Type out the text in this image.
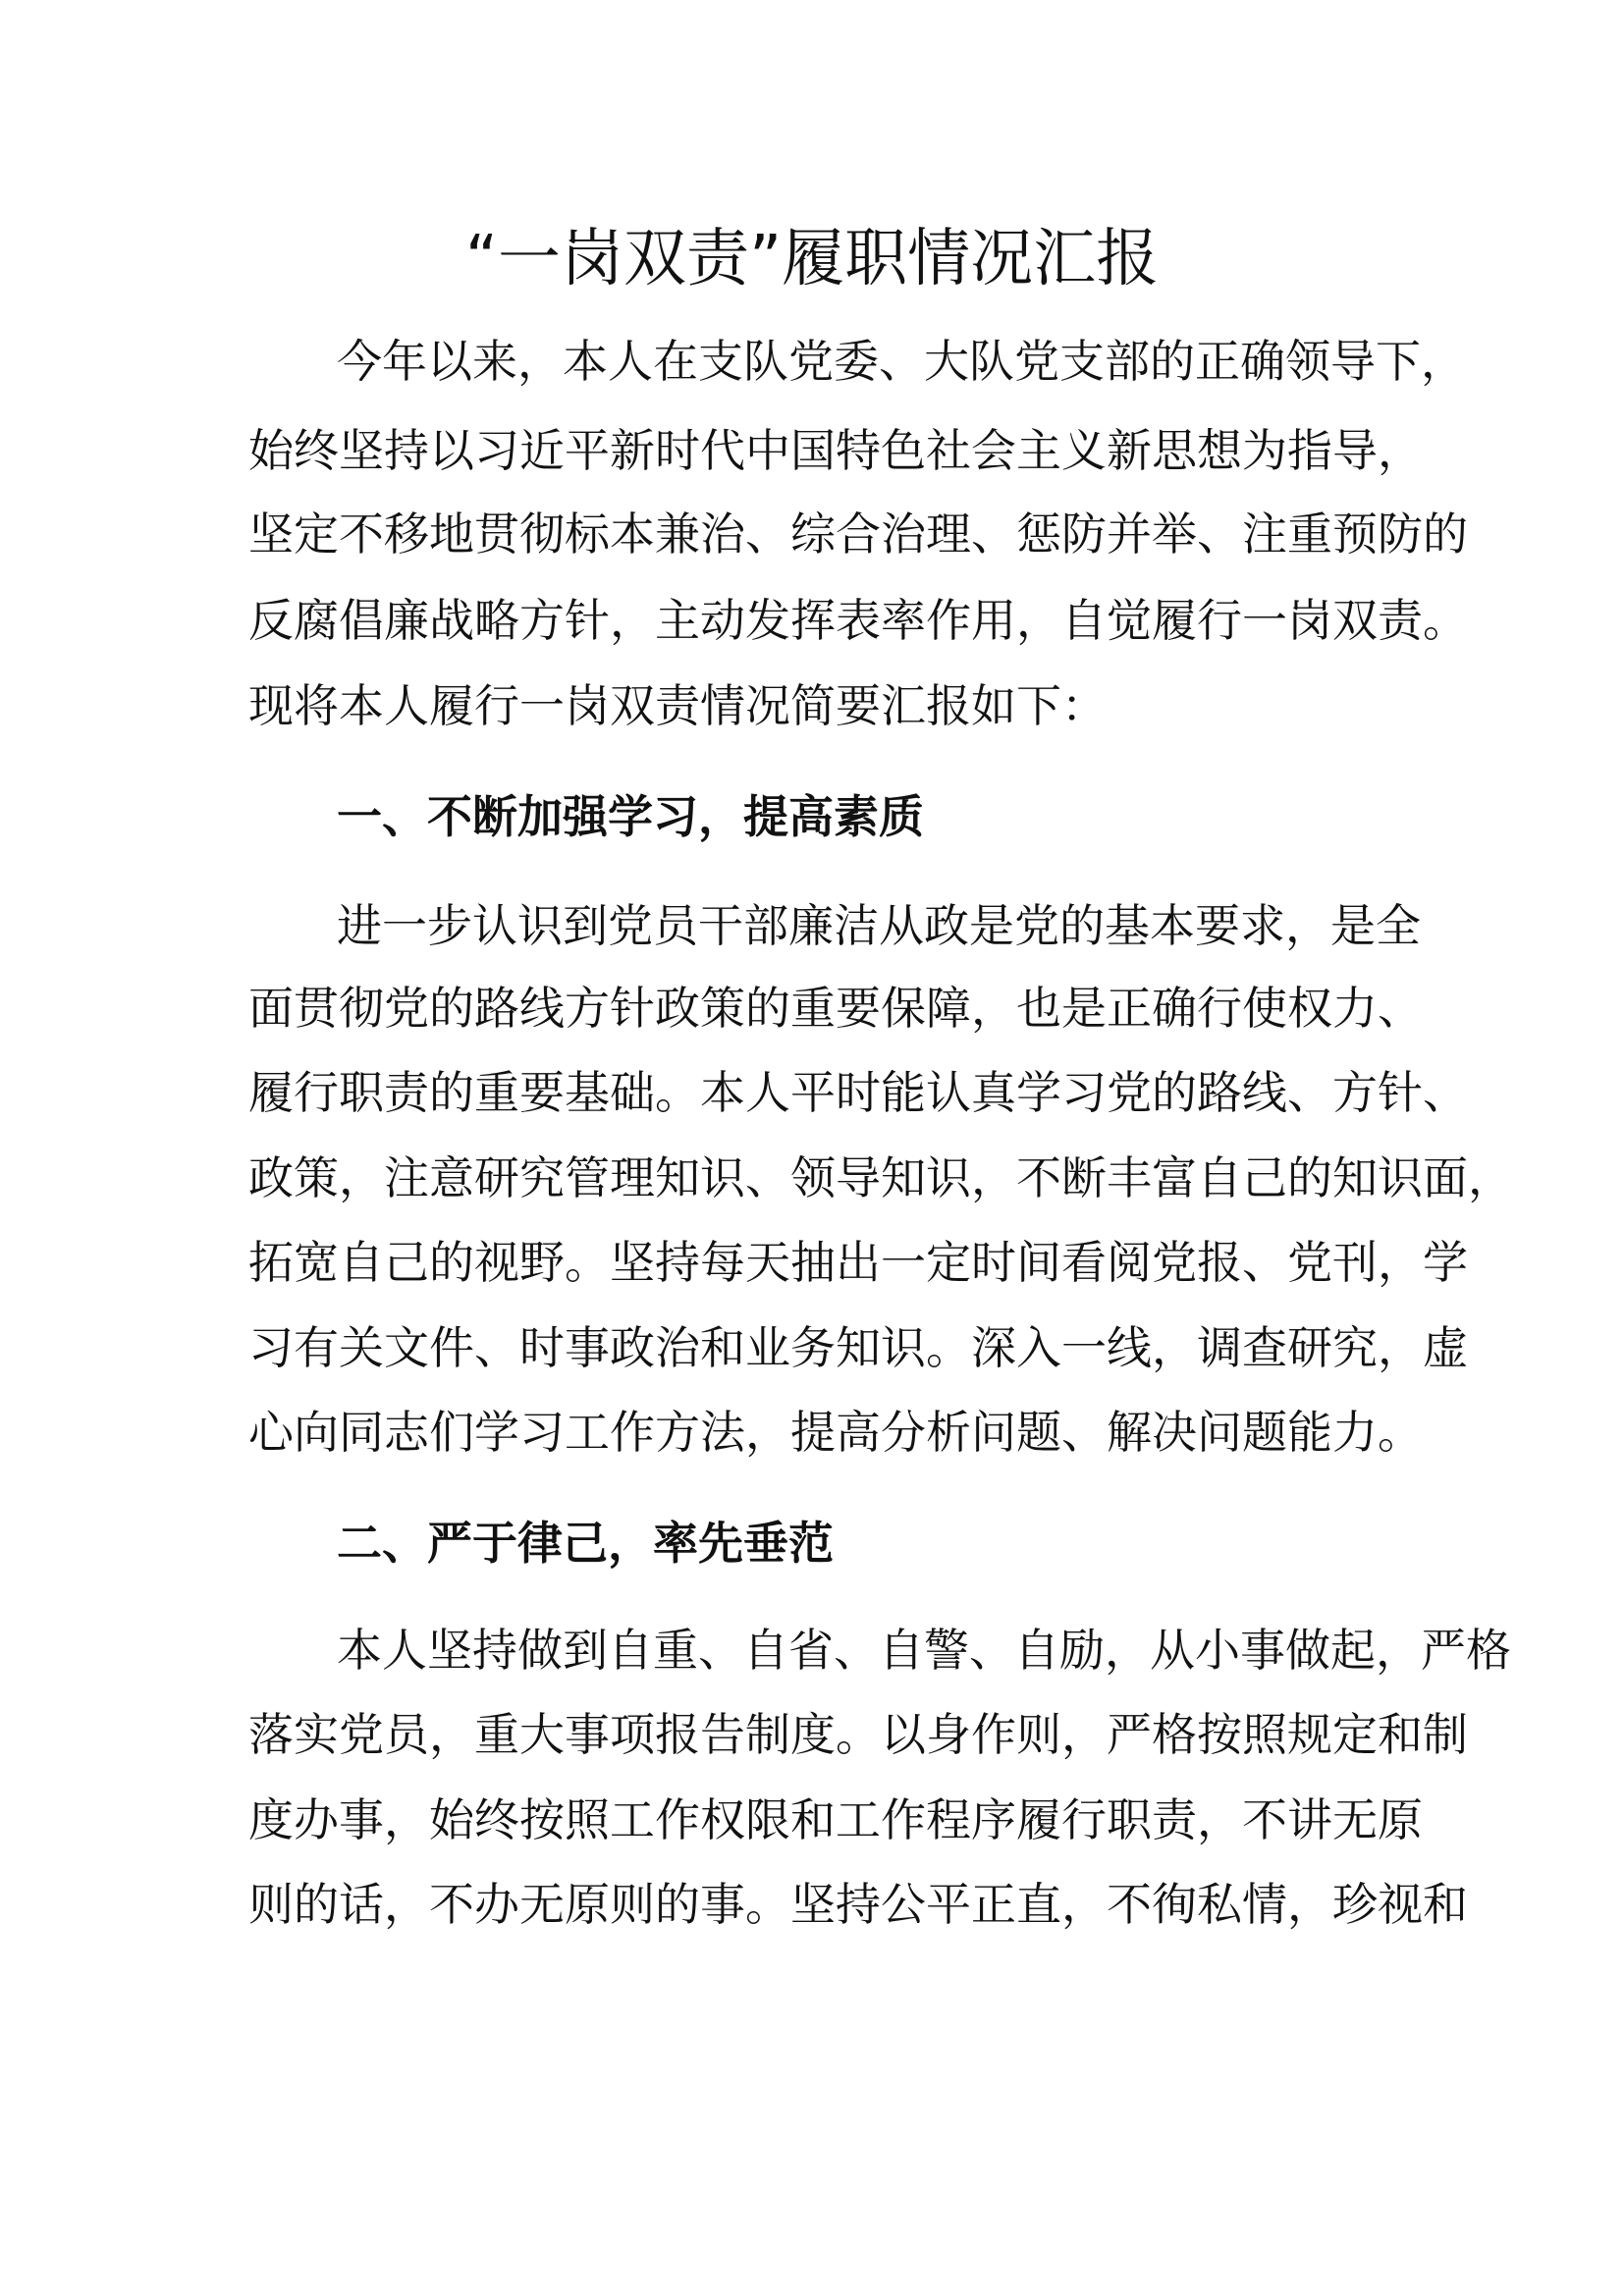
“一岗双责”履职情况汇报
今年以来，本人在支队党委、大队党支部的正确领导下，
始终坚持以习近平新时代中国特色社会主义新思想为指导，
坚定不移地贯彻标本兼治、综合治理、惩防并举、注重预防的
反腐倡廉战略方针，主动发挥表率作用，自觉履行一岗双责。
现将本人履行一岗双责情况简要汇报如下：
一、不断加强学习，提高素质
进一步认识到党员干部廉洁从政是党的基本要求，是全
面贯彻党的路线方针政策的重要保障，也是正确行使权力、
履行职责的重要基础。本人平时能认真学习党的路线、方针、
政策，注意研究管理知识、领导知识，不断丰富自己的知识面，
拓宽自己的视野。坚持每天抽出一定时间看阅党报、党刊，学
习有关文件、时事政治和业务知识。深入一线，调查研究，虚
心向同志们学习工作方法，提高分析问题、解决问题能力。
二、严于律己，率先垂范
本人坚持做到自重、自省、自警、自励，从小事做起，严格
落实党员，重大事项报告制度。以身作则，严格按照规定和制
度办事，始终按照工作权限和工作程序履行职责，不讲无原
则的话，不办无原则的事。坚持公平正直，不徇私情，珍视和
